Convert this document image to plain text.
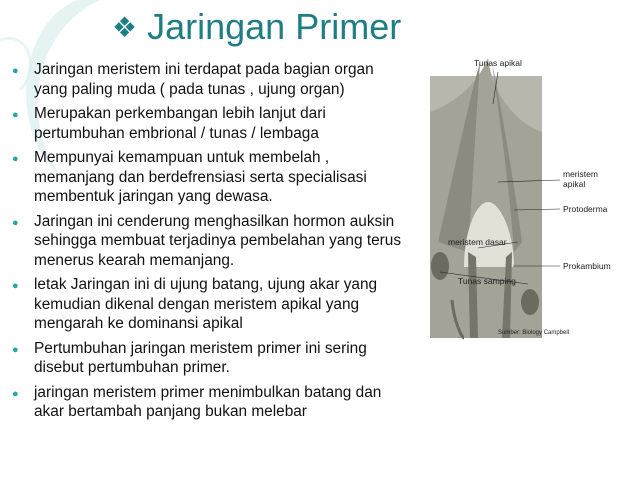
❖ Jaringan Primer
● Jaringan meristem ini terdapat pada bagian organ yang paling muda ( pada tunas , ujung organ)
● Merupakan perkembangan lebih lanjut dari pertumbuhan embrional / tunas / lembaga
● Mempunyai kemampuan untuk membelah , memanjang dan berdefrensiasi serta specialisasi membentuk jaringan yang dewasa.
● Jaringan ini cenderung menghasilkan hormon auksin sehingga membuat terjadinya pembelahan yang terus menerus kearah memanjang.
● letak Jaringan ini di ujung batang, ujung akar yang kemudian dikenal dengan meristem apikal yang mengarah ke dominansi apikal
● Pertumbuhan jaringan meristem primer ini sering disebut pertumbuhan primer.
● jaringan meristem primer menimbulkan batang dan akar bertambah panjang bukan melebar
Tunas apikal
meristem
apikal
Protoderma
meristem dasar
Prokambium
Tunas samping
Sumber: Biology Campbell
